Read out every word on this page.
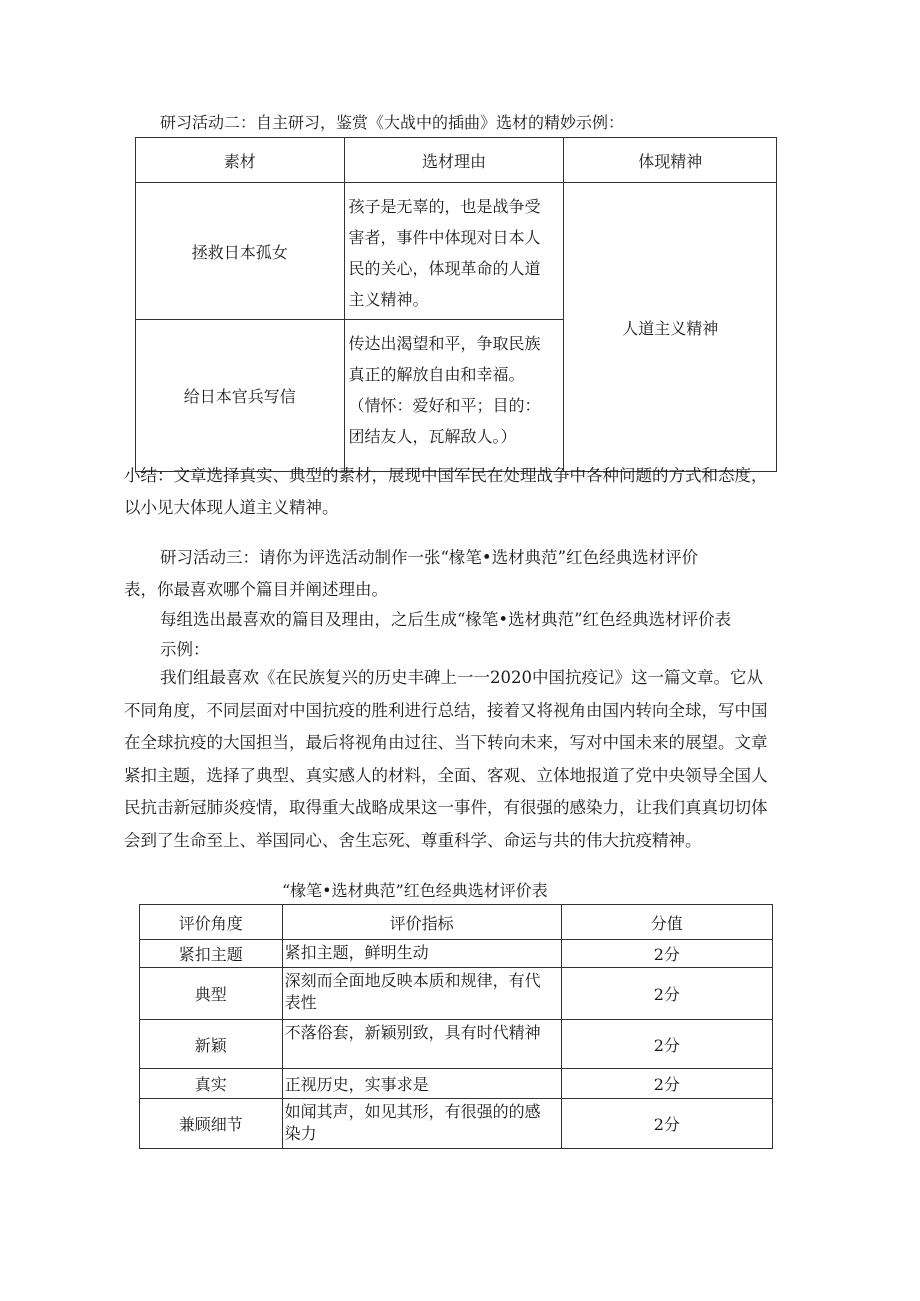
研习活动二：自主研习，鉴赏《大战中的插曲》选材的精妙示例：

素材	选材理由	体现精神
拯救日本孤女	孩子是无辜的，也是战争受
害者，事件中体现对日本人
民的关心，体现革命的人道
主义精神。	人道主义精神
给日本官兵写信	传达出渴望和平，争取民族
真正的解放自由和幸福。
（情怀：爱好和平；目的：
团结友人，瓦解敌人。）	

小结：文章选择真实、典型的素材，展现中国军民在处理战争中各种问题的方式和态度，

以小见大体现人道主义精神。

研习活动三：请你为评选活动制作一张“椽笔•选材典范”红色经典选材评价

表，你最喜欢哪个篇目并阐述理由。

每组选出最喜欢的篇目及理由，之后生成“椽笔•选材典范”红色经典选材评价表

示例：

我们组最喜欢《在民族复兴的历史丰碑上一一2020中国抗疫记》这一篇文章。它从

不同角度，不同层面对中国抗疫的胜利进行总结，接着又将视角由国内转向全球，写中国

在全球抗疫的大国担当，最后将视角由过往、当下转向未来，写对中国未来的展望。文章

紧扣主题，选择了典型、真实感人的材料，全面、客观、立体地报道了党中央领导全国人

民抗击新冠肺炎疫情，取得重大战略成果这一事件，有很强的感染力，让我们真真切切体

会到了生命至上、举国同心、舍生忘死、尊重科学、命运与共的伟大抗疫精神。

“椽笔•选材典范”红色经典选材评价表

评价角度	评价指标	分值
紧扣主题	紧扣主题，鲜明生动	2分
典型	深刻而全面地反映本质和规律，有代
表性	2分
新颖	不落俗套，新颖别致，具有时代精神	2分
真实	正视历史，实事求是	2分
兼顾细节	如闻其声，如见其形，有很强的的感
染力	2分
